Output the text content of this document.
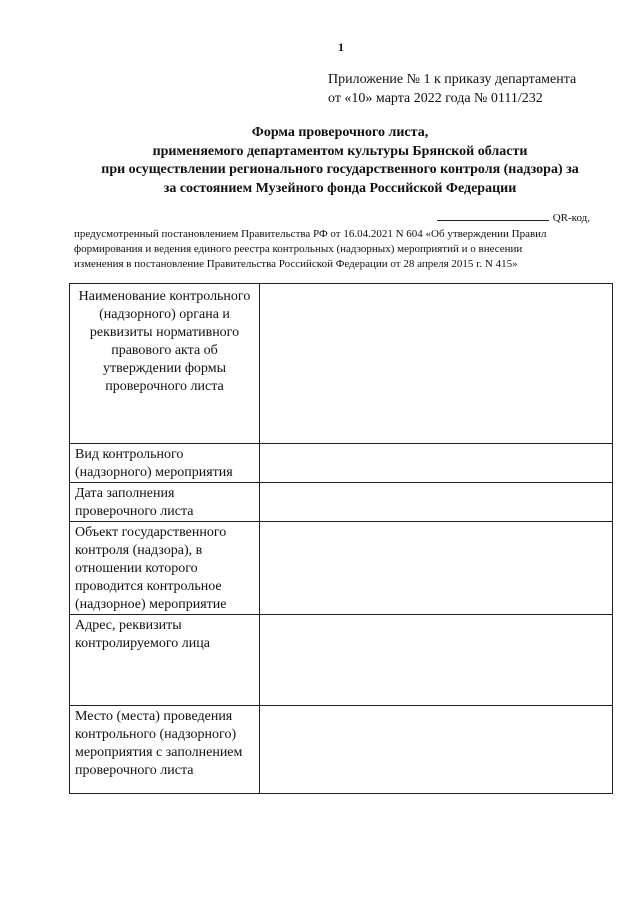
1
Приложение № 1 к приказу департамента
от «10» марта 2022 года № 0111/232
Форма проверочного листа,
применяемого департаментом культуры Брянской области
при осуществлении регионального государственного контроля (надзора) за
за состоянием Музейного фонда Российской Федерации
QR-код,
предусмотренный постановлением Правительства РФ от 16.04.2021 N 604 «Об утверждении Правил
формирования и ведения единого реестра контрольных (надзорных) мероприятий и о внесении
изменения в постановление Правительства Российской Федерации от 28 апреля 2015 г. N 415»
Наименование контрольного (надзорного) органа и реквизиты нормативного правового акта об утверждении формы проверочного листа	

Вид контрольного (надзорного) мероприятия	

Дата заполнения проверочного листа	

Объект государственного контроля (надзора), в отношении которого проводится контрольное (надзорное) мероприятие	

Адрес, реквизиты контролируемого лица	

Место (места) проведения контрольного (надзорного) мероприятия с заполнением проверочного листа	
